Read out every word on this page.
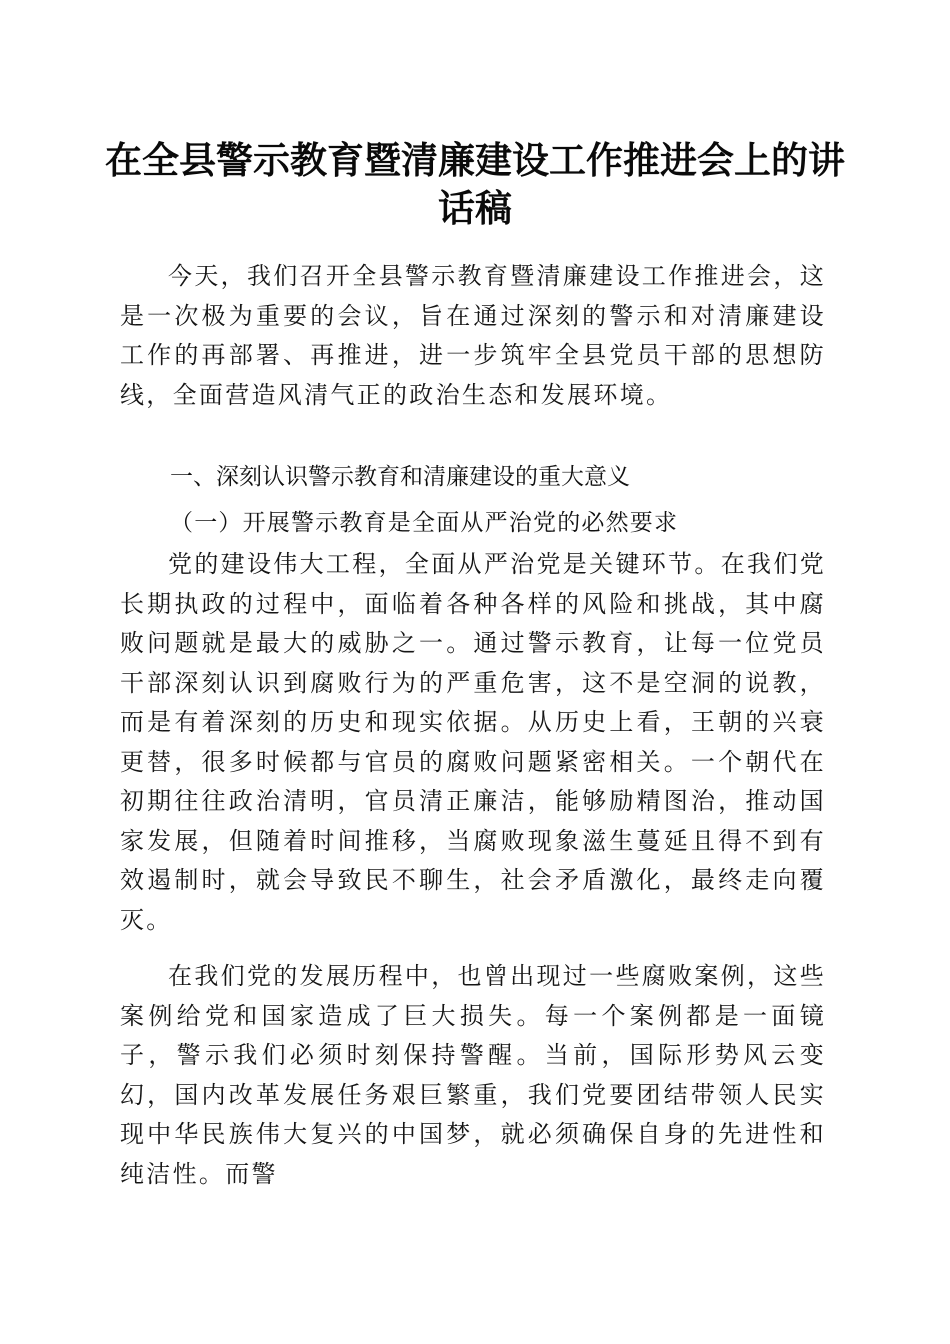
在全县警示教育暨清廉建设工作推进会上的讲话稿

今天，我们召开全县警示教育暨清廉建设工作推进会，这是一次极为重要的会议，旨在通过深刻的警示和对清廉建设工作的再部署、再推进，进一步筑牢全县党员干部的思想防线，全面营造风清气正的政治生态和发展环境。

一、深刻认识警示教育和清廉建设的重大意义
（一）开展警示教育是全面从严治党的必然要求

党的建设伟大工程，全面从严治党是关键环节。在我们党长期执政的过程中，面临着各种各样的风险和挑战，其中腐败问题就是最大的威胁之一。通过警示教育，让每一位党员干部深刻认识到腐败行为的严重危害，这不是空洞的说教，而是有着深刻的历史和现实依据。从历史上看，王朝的兴衰更替，很多时候都与官员的腐败问题紧密相关。一个朝代在初期往往政治清明，官员清正廉洁，能够励精图治，推动国家发展，但随着时间推移，当腐败现象滋生蔓延且得不到有效遏制时，就会导致民不聊生，社会矛盾激化，最终走向覆灭。

在我们党的发展历程中，也曾出现过一些腐败案例，这些案例给党和国家造成了巨大损失。每一个案例都是一面镜子，警示我们必须时刻保持警醒。当前，国际形势风云变幻，国内改革发展任务艰巨繁重，我们党要团结带领人民实现中华民族伟大复兴的中国梦，就必须确保自身的先进性和纯洁性。而警
